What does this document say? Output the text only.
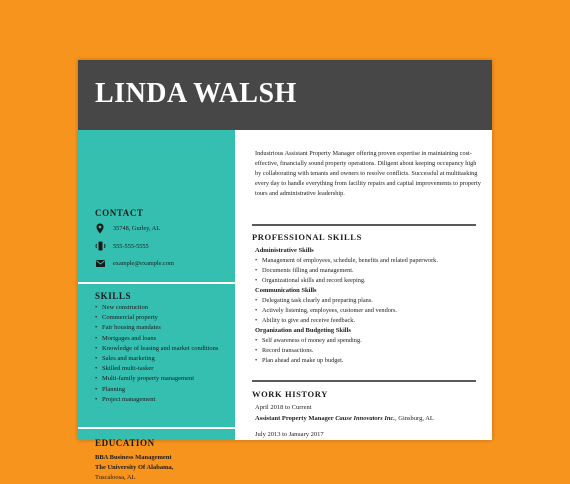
LINDA WALSH
CONTACT
35748, Gurley, AL
555-555-5555
example@example.com
SKILLS
• New construction
• Commercial property
• Fair housing mandates
• Mortgages and loans
• Knowledge of leasing and market conditions
• Sales and marketing
• Skilled multi-tasker
• Multi-family property management
• Planning
• Project management
EDUCATION
BBA Business Management
The University Of Alabama,
Tuscaloosa, AL

Industrious Assistant Property Manager offering proven expertise in maintaining cost-effective, financially sound property operations. Diligent about keeping occupancy high by collaborating with tenants and owners to resolve conflicts. Successful at multitasking every day to handle everything from facility repairs and capital improvements to property tours and administrative leadership.

PROFESSIONAL SKILLS
Administrative Skills
• Management of employees, schedule, benefits and related paperwork.
• Documents filling and management.
• Organizational skills and record keeping.
Communication Skills
• Delegating task clearly and preparing plans.
• Actively listening, employees, customer and vendors.
• Ability to give and receive feedback.
Organization and Budgeting Skills
• Self awareness of money and spending.
• Record transactions.
• Plan ahead and make up budget.
WORK HISTORY
April 2018 to Current
Assistant Property Manager Cause Innovators Inc., Ginsburg, AL
July 2013 to January 2017
